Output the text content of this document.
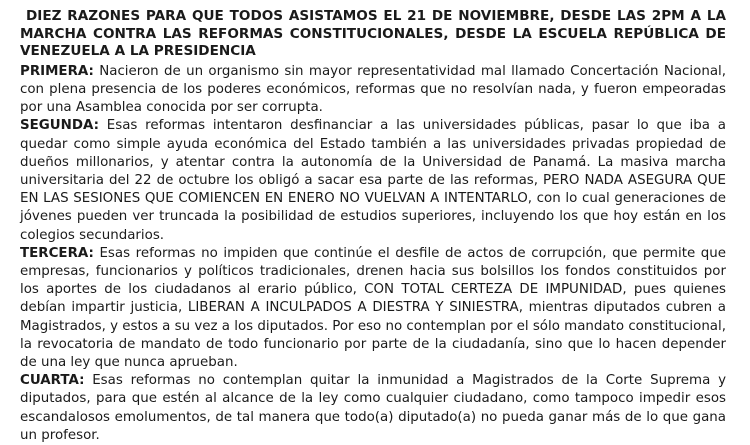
DIEZ RAZONES PARA QUE TODOS ASISTAMOS EL 21 DE NOVIEMBRE, DESDE LAS 2PM A LA MARCHA CONTRA LAS REFORMAS CONSTITUCIONALES, DESDE LA ESCUELA REPÚBLICA DE VENEZUELA A LA PRESIDENCIA

PRIMERA: Nacieron de un organismo sin mayor representatividad mal llamado Concertación Nacional, con plena presencia de los poderes económicos, reformas que no resolvían nada, y fueron empeoradas por una Asamblea conocida por ser corrupta.

SEGUNDA: Esas reformas intentaron desfinanciar a las universidades públicas, pasar lo que iba a quedar como simple ayuda económica del Estado también a las universidades privadas propiedad de dueños millonarios, y atentar contra la autonomía de la Universidad de Panamá. La masiva marcha universitaria del 22 de octubre los obligó a sacar esa parte de las reformas, PERO NADA ASEGURA QUE EN LAS SESIONES QUE COMIENCEN EN ENERO NO VUELVAN A INTENTARLO, con lo cual generaciones de jóvenes pueden ver truncada la posibilidad de estudios superiores, incluyendo los que hoy están en los colegios secundarios.

TERCERA: Esas reformas no impiden que continúe el desfile de actos de corrupción, que permite que empresas, funcionarios y políticos tradicionales, drenen hacia sus bolsillos los fondos constituidos por los aportes de los ciudadanos al erario público, CON TOTAL CERTEZA DE IMPUNIDAD, pues quienes debían impartir justicia, LIBERAN A INCULPADOS A DIESTRA Y SINIESTRA, mientras diputados cubren a Magistrados, y estos a su vez a los diputados. Por eso no contemplan por el sólo mandato constitucional, la revocatoria de mandato de todo funcionario por parte de la ciudadanía, sino que lo hacen depender de una ley que nunca aprueban.

CUARTA: Esas reformas no contemplan quitar la inmunidad a Magistrados de la Corte Suprema y diputados, para que estén al alcance de la ley como cualquier ciudadano, como tampoco impedir esos escandalosos emolumentos, de tal manera que todo(a) diputado(a) no pueda ganar más de lo que gana un profesor.
